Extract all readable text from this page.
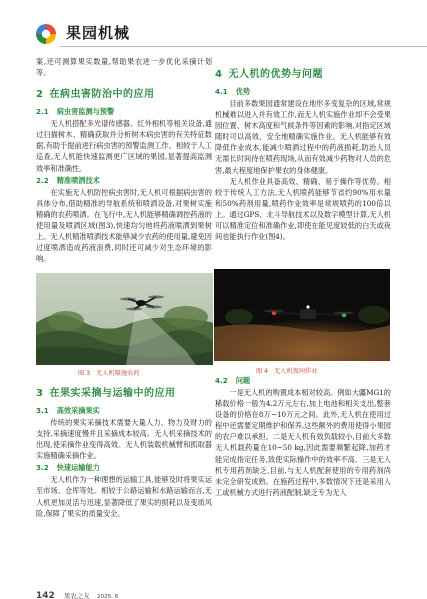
果园机械

案,还可测算果实数量,帮助果农进一步优化采摘计划等。

2 在病虫害防治中的应用
2.1 病虫害监测与预警

无人机搭配多光谱传感器、红外相机等相关设备,通过扫描树木、精确获取并分析树木病虫害的有关特征数据,有助于提前进行病虫害的预警监测工作。相较于人工巡查,无人机能快速监测更广区域的果园,显著提高监测效率和准确性。

2.2 精准喷洒技术

在实施无人机防控病虫害时,无人机可根据病虫害的具体分布,借助精准的导航系统和喷洒设备,对果树实施精确的农药喷洒。在飞行中,无人机能够精确调控药液的使用量及喷洒区域(图3),快速均匀地将药液喷洒到果树上。无人机精准喷洒技术能够减少农药的使用量,避免因过度喷洒造成药液浪费,同时还可减少对生态环境的影响。

图 3 无人机喷施农药
3 在果实采摘与运输中的应用
3.1 高效采摘果实

传统的果实采摘技术需要大量人力、物力及财力的支持,采摘速度慢并且采摘成本较高。无人机采摘技术的出现,使采摘作业变得高效。无人机装载机械臂和抓取器实施精确采摘作业。

3.2 快速运输能力

无人机作为一种理想的运输工具,能够及时将果实运至市场、仓库等处。相较于公路运输和水路运输而言,无人机更加灵活与迅速,显著降低了果实的损耗以及变质风险,保障了果实的质量安全。

4 无人机的优势与问题
4.1 优势

目前多数果园通常建设在地形多变复杂的区域,常规机械难以进入并有效工作,而无人机实施作业却不会受果园位置、树木高度和气候条件等因素的影响,对指定区域随时可以高效、安全地精确实施作业。无人机能够有效降低作业成本,能减少喷洒过程中的药液损耗,防治人员无需长时间待在喷药现场,从而有效减少药物对人员的危害,最大程度地保护果农的身体健康。

无人机作业具备高效、精确、易于操作等优势。相较于传统人工方法,无人机喷药能够节省约90%用水量和50%药剂用量,喷药作业效率是常规喷药的100倍以上。通过GPS、北斗导航技术以及数字模型计算,无人机可以精准定位和准确作业,即使在能见度较低的白天或夜间也能执行作业(图4)。

图 4 无人机夜间作业
4.2 问题

一是无人机的购置成本相对较高。例如大疆MG1的稀载价格一般为4.2万元左右,加上电池和相关支出,整套设备的价格在8万~10万元之间。此外,无人机在使用过程中还需要定期维护和保养,这些额外的费用使得小果园的农户难以承担。二是无人机有效负载较小,目前大多数无人机载药量在10~50 kg,因此需要频繁起降,加药才能完成指定任务,致使实际操作中的效率不高。三是无人机专用药剂缺乏,目前,与无人机配套使用的专用药剂尚未完全研发成熟。在施药过程中,多数情况下还是采用人工或机械方式进行药液配制,缺乏专为无人

142 果农之友 2025. 6
